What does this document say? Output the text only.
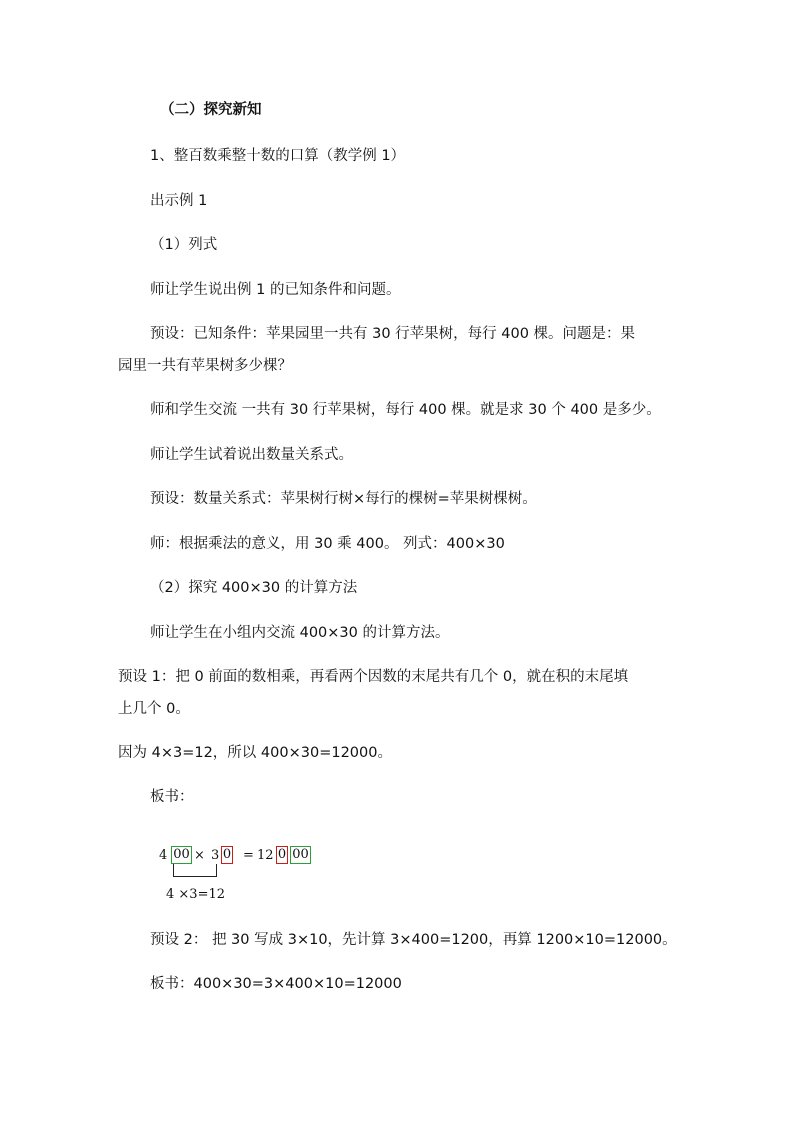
（二）探究新知
1、整百数乘整十数的口算（教学例 1）
出示例 1
（1）列式
师让学生说出例 1 的已知条件和问题。
预设：已知条件：苹果园里一共有 30 行苹果树，每行 400 棵。问题是：果
园里一共有苹果树多少棵？
师和学生交流 一共有 30 行苹果树，每行 400 棵。就是求 30 个 400 是多少。
师让学生试着说出数量关系式。
预设：数量关系式：苹果树行树×每行的棵树=苹果树棵树。
师：根据乘法的意义，用 30 乘 400。 列式：400×30
（2）探究 400×30 的计算方法
师让学生在小组内交流 400×30 的计算方法。
预设 1：把 0 前面的数相乘，再看两个因数的末尾共有几个 0，就在积的末尾填
上几个 0。
因为 4×3=12，所以 400×30=12000。
板书：
4 00 × 3 0 = 12 0 00
4 ×3=12
预设 2： 把 30 写成 3×10，先计算 3×400=1200，再算 1200×10=12000。
板书：400×30=3×400×10=12000
